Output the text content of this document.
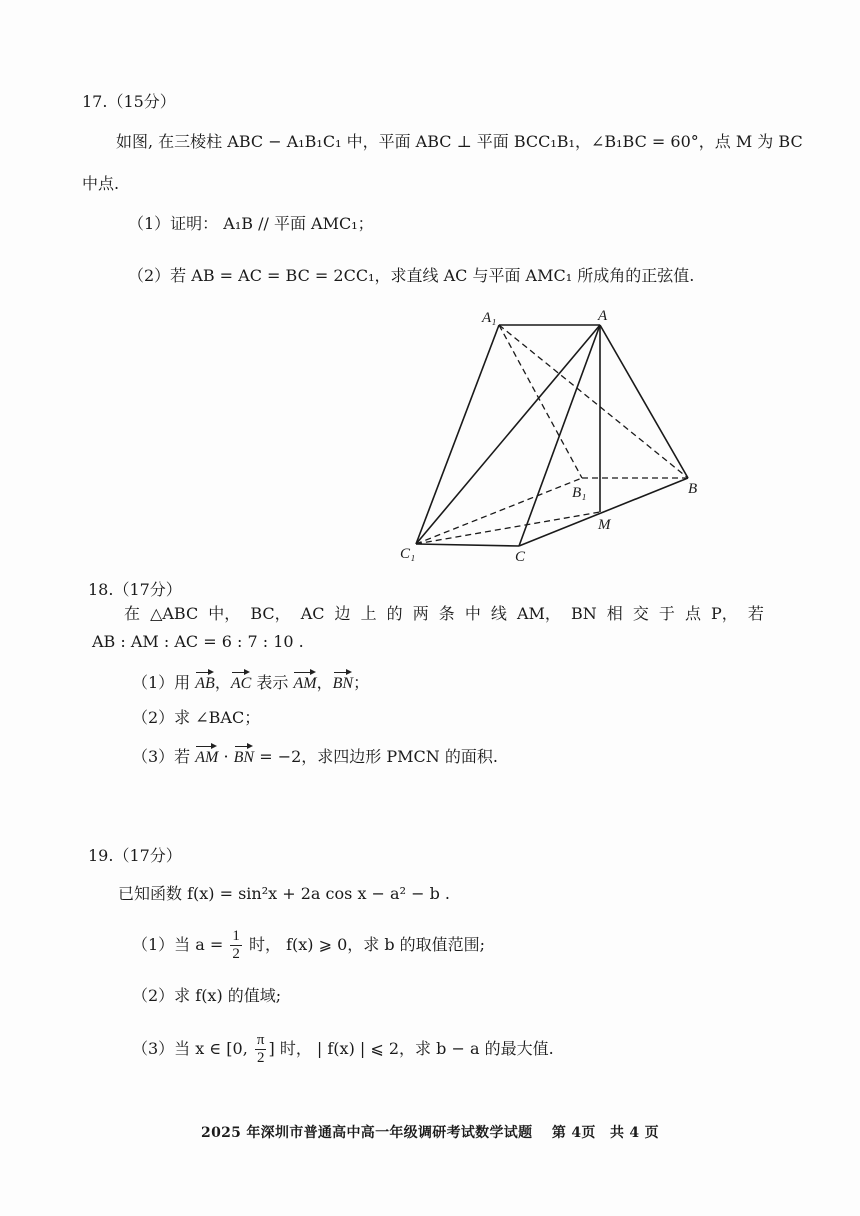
17.（15分）
如图, 在三棱柱 ABC − A₁B₁C₁ 中，平面 ABC ⊥ 平面 BCC₁B₁，∠B₁BC = 60°，点 M 为 BC
中点.
（1）证明： A₁B // 平面 AMC₁；
（2）若 AB = AC = BC = 2CC₁，求直线 AC 与平面 AMC₁ 所成角的正弦值.
A₁	A
B₁	B
M
C₁	C
18.（17分）
在 △ABC 中， BC， AC 边 上 的 两 条 中 线 AM， BN 相 交 于 点 P， 若
AB : AM : AC = 6 : 7 : 10 .
（1）用 AB，AC 表示 AM，BN；
（2）求 ∠BAC；
（3）若 AM · BN = −2，求四边形 PMCN 的面积.
19.（17分）
已知函数 f(x) = sin²x + 2a cos x − a² − b .
（1）当 $a = \frac{1}{2}$ 时， f(x) ⩾ 0，求 b 的取值范围;
（2）求 f(x) 的值域;
（3）当 x ∈ [0, $\frac{\pi}{2}$ ] 时， | f(x) | ⩽ 2，求 b − a 的最大值.
2025 年深圳市普通高中高一年级调研考试数学试题　 第 4页　共 4 页
